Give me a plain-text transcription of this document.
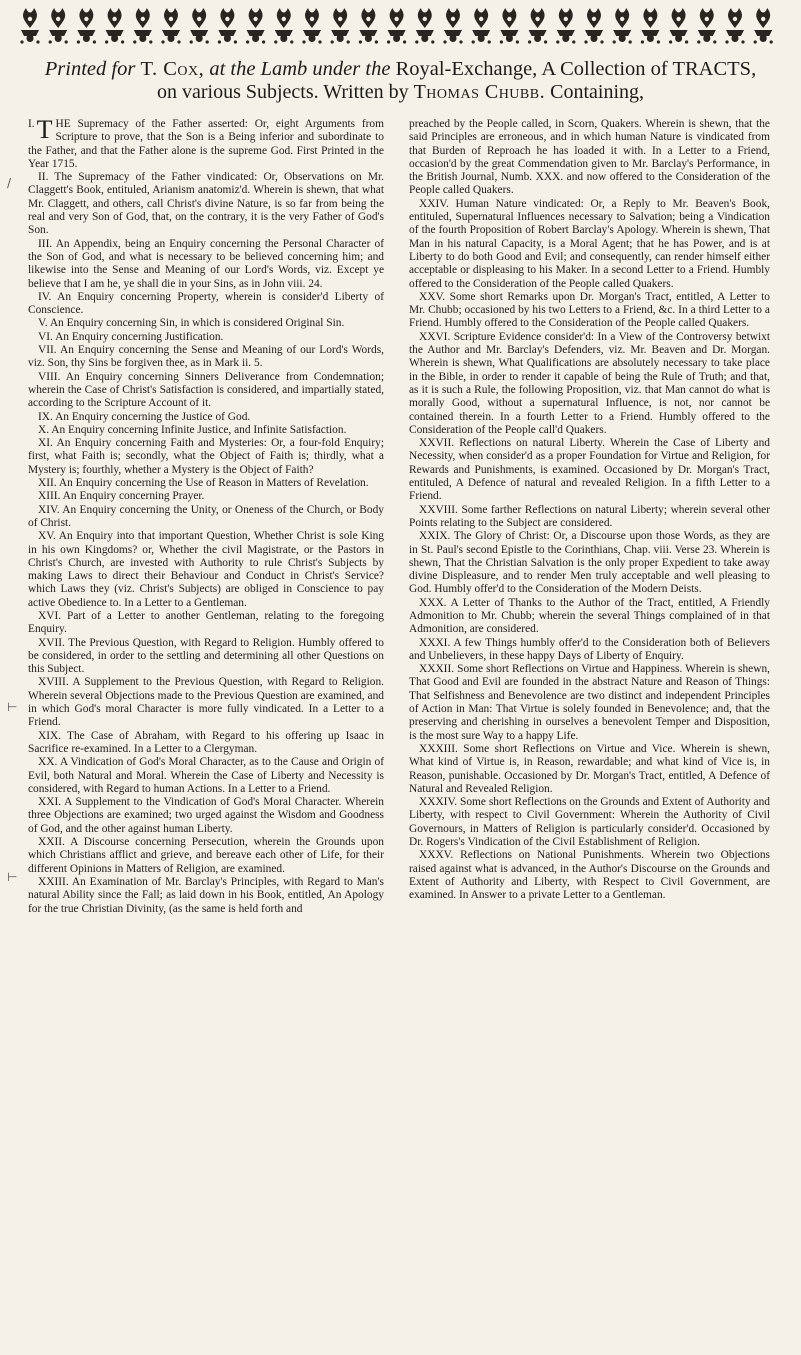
Printed for T. Cox, at the Lamb under the Royal-Exchange, A Collection of TRACTS,
on various Subjects. Written by Thomas Chubb. Containing,
/
⊢
⊢

I. T HE Supremacy of the Father asserted: Or, eight Arguments from Scripture to prove, that the Son is a Being inferior and subordinate to the Father, and that the Father alone is the supreme God. First Printed in the Year 1715.

II. The Supremacy of the Father vindicated: Or, Observations on Mr. Claggett's Book, entituled, Arianism anatomiz'd. Wherein is shewn, that what Mr. Claggett, and others, call Christ's divine Nature, is so far from being the real and very Son of God, that, on the contrary, it is the very Father of God's Son.

III. An Appendix, being an Enquiry concerning the Personal Character of the Son of God, and what is necessary to be believed concerning him; and likewise into the Sense and Meaning of our Lord's Words, viz. Except ye believe that I am he, ye shall die in your Sins, as in John viii. 24.

IV. An Enquiry concerning Property, wherein is consider'd Liberty of Conscience.

V. An Enquiry concerning Sin, in which is considered Original Sin.

VI. An Enquiry concerning Justification.

VII. An Enquiry concerning the Sense and Meaning of our Lord's Words, viz. Son, thy Sins be forgiven thee, as in Mark ii. 5.

VIII. An Enquiry concerning Sinners Deliverance from Condemnation; wherein the Case of Christ's Satisfaction is considered, and impartially stated, according to the Scripture Account of it.

IX. An Enquiry concerning the Justice of God.

X. An Enquiry concerning Infinite Justice, and Infinite Satisfaction.

XI. An Enquiry concerning Faith and Mysteries: Or, a four-fold Enquiry; first, what Faith is; secondly, what the Object of Faith is; thirdly, what a Mystery is; fourthly, whether a Mystery is the Object of Faith?

XII. An Enquiry concerning the Use of Reason in Matters of Revelation.

XIII. An Enquiry concerning Prayer.

XIV. An Enquiry concerning the Unity, or Oneness of the Church, or Body of Christ.

XV. An Enquiry into that important Question, Whether Christ is sole King in his own Kingdoms? or, Whether the civil Magistrate, or the Pastors in Christ's Church, are invested with Authority to rule Christ's Subjects by making Laws to direct their Behaviour and Conduct in Christ's Service? which Laws they (viz. Christ's Subjects) are obliged in Conscience to pay active Obedience to. In a Letter to a Gentleman.

XVI. Part of a Letter to another Gentleman, relating to the foregoing Enquiry.

XVII. The Previous Question, with Regard to Religion. Humbly offered to be considered, in order to the settling and determining all other Questions on this Subject.

XVIII. A Supplement to the Previous Question, with Regard to Religion. Wherein several Objections made to the Previous Question are examined, and in which God's moral Character is more fully vindicated. In a Letter to a Friend.

XIX. The Case of Abraham, with Regard to his offering up Isaac in Sacrifice re-examined. In a Letter to a Clergyman.

XX. A Vindication of God's Moral Character, as to the Cause and Origin of Evil, both Natural and Moral. Wherein the Case of Liberty and Necessity is considered, with Regard to human Actions. In a Letter to a Friend.

XXI. A Supplement to the Vindication of God's Moral Character. Wherein three Objections are examined; two urged against the Wisdom and Goodness of God, and the other against human Liberty.

XXII. A Discourse concerning Persecution, wherein the Grounds upon which Christians afflict and grieve, and bereave each other of Life, for their different Opinions in Matters of Religion, are examined.

XXIII. An Examination of Mr. Barclay's Principles, with Regard to Man's natural Ability since the Fall; as laid down in his Book, entitled, An Apology for the true Christian Divinity, (as the same is held forth and

preached by the People called, in Scorn, Quakers. Wherein is shewn, that the said Principles are erroneous, and in which human Nature is vindicated from that Burden of Reproach he has loaded it with. In a Letter to a Friend, occasion'd by the great Commendation given to Mr. Barclay's Performance, in the British Journal, Numb. XXX. and now offered to the Consideration of the People called Quakers.

XXIV. Human Nature vindicated: Or, a Reply to Mr. Beaven's Book, entituled, Supernatural Influences necessary to Salvation; being a Vindication of the fourth Proposition of Robert Barclay's Apology. Wherein is shewn, That Man in his natural Capacity, is a Moral Agent; that he has Power, and is at Liberty to do both Good and Evil; and consequently, can render himself either acceptable or displeasing to his Maker. In a second Letter to a Friend. Humbly offered to the Consideration of the People called Quakers.

XXV. Some short Remarks upon Dr. Morgan's Tract, entitled, A Letter to Mr. Chubb; occasioned by his two Letters to a Friend, &c. In a third Letter to a Friend. Humbly offered to the Consideration of the People called Quakers.

XXVI. Scripture Evidence consider'd: In a View of the Controversy betwixt the Author and Mr. Barclay's Defenders, viz. Mr. Beaven and Dr. Morgan. Wherein is shewn, What Qualifications are absolutely necessary to take place in the Bible, in order to render it capable of being the Rule of Truth; and that, as it is such a Rule, the following Proposition, viz. that Man cannot do what is morally Good, without a supernatural Influence, is not, nor cannot be contained therein. In a fourth Letter to a Friend. Humbly offered to the Consideration of the People call'd Quakers.

XXVII. Reflections on natural Liberty. Wherein the Case of Liberty and Necessity, when consider'd as a proper Foundation for Virtue and Religion, for Rewards and Punishments, is examined. Occasioned by Dr. Morgan's Tract, entituled, A Defence of natural and revealed Religion. In a fifth Letter to a Friend.

XXVIII. Some farther Reflections on natural Liberty; wherein several other Points relating to the Subject are considered.

XXIX. The Glory of Christ: Or, a Discourse upon those Words, as they are in St. Paul's second Epistle to the Corinthians, Chap. viii. Verse 23. Wherein is shewn, That the Christian Salvation is the only proper Expedient to take away divine Displeasure, and to render Men truly acceptable and well pleasing to God. Humbly offer'd to the Consideration of the Modern Deists.

XXX. A Letter of Thanks to the Author of the Tract, entitled, A Friendly Admonition to Mr. Chubb; wherein the several Things complained of in that Admonition, are considered.

XXXI. A few Things humbly offer'd to the Consideration both of Believers and Unbelievers, in these happy Days of Liberty of Enquiry.

XXXII. Some short Reflections on Virtue and Happiness. Wherein is shewn, That Good and Evil are founded in the abstract Nature and Reason of Things: That Selfishness and Benevolence are two distinct and independent Principles of Action in Man: That Virtue is solely founded in Benevolence; and, that the preserving and cherishing in ourselves a benevolent Temper and Disposition, is the most sure Way to a happy Life.

XXXIII. Some short Reflections on Virtue and Vice. Wherein is shewn, What kind of Virtue is, in Reason, rewardable; and what kind of Vice is, in Reason, punishable. Occasioned by Dr. Morgan's Tract, entitled, A Defence of Natural and Revealed Religion.

XXXIV. Some short Reflections on the Grounds and Extent of Authority and Liberty, with respect to Civil Government: Wherein the Authority of Civil Governours, in Matters of Religion is particularly consider'd. Occasioned by Dr. Rogers's Vindication of the Civil Establishment of Religion.

XXXV. Reflections on National Punishments. Wherein two Objections raised against what is advanced, in the Author's Discourse on the Grounds and Extent of Authority and Liberty, with Respect to Civil Government, are examined. In Answer to a private Letter to a Gentleman.
